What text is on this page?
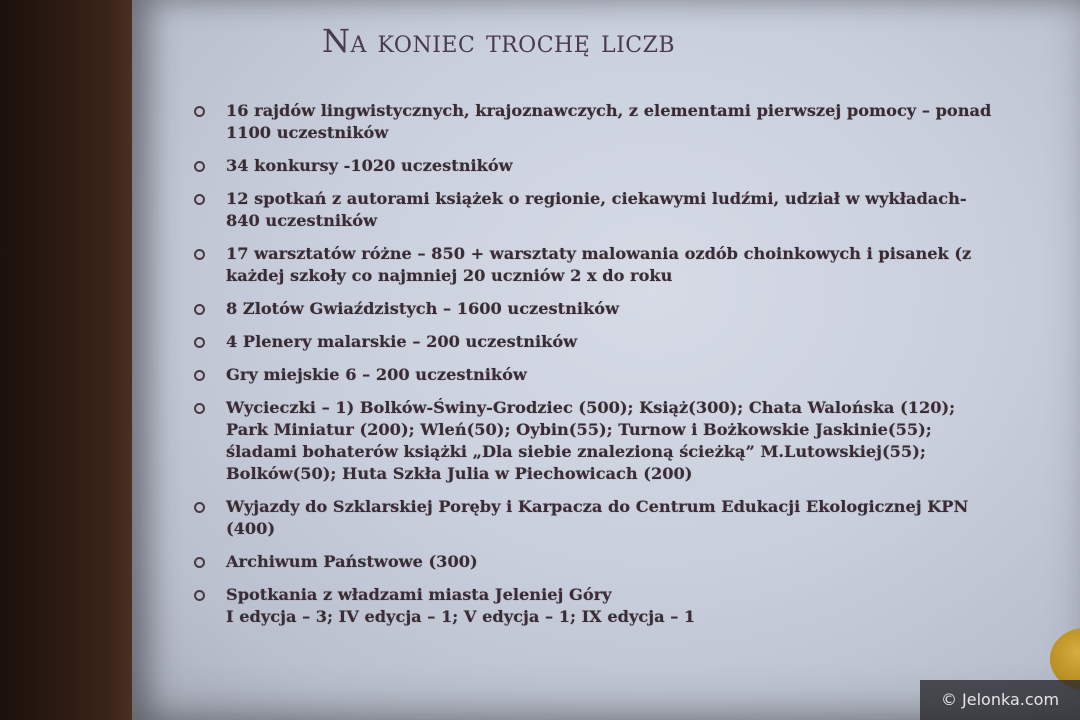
Na koniec trochę liczb
16 rajdów lingwistycznych, krajoznawczych, z elementami pierwszej pomocy – ponad
1100 uczestników
34 konkursy -1020 uczestników
12 spotkań z autorami książek o regionie, ciekawymi ludźmi, udział w wykładach-
840 uczestników
17 warsztatów różne – 850 + warsztaty malowania ozdób choinkowych i pisanek (z
każdej szkoły co najmniej 20 uczniów 2 x do roku
8 Zlotów Gwiaździstych – 1600 uczestników
4 Plenery malarskie – 200 uczestników
Gry miejskie 6 – 200 uczestników
Wycieczki – 1) Bolków-Świny-Grodziec (500); Książ(300); Chata Walońska (120);
Park Miniatur (200); Wleń(50); Oybin(55); Turnow i Bożkowskie Jaskinie(55);
śladami bohaterów książki „Dla siebie znalezioną ścieżką” M.Lutowskiej(55);
Bolków(50); Huta Szkła Julia w Piechowicach (200)
Wyjazdy do Szklarskiej Poręby i Karpacza do Centrum Edukacji Ekologicznej KPN
(400)
Archiwum Państwowe (300)
Spotkania z władzami miasta Jeleniej Góry
I edycja – 3; IV edycja – 1; V edycja – 1; IX edycja – 1
© Jelonka.com
